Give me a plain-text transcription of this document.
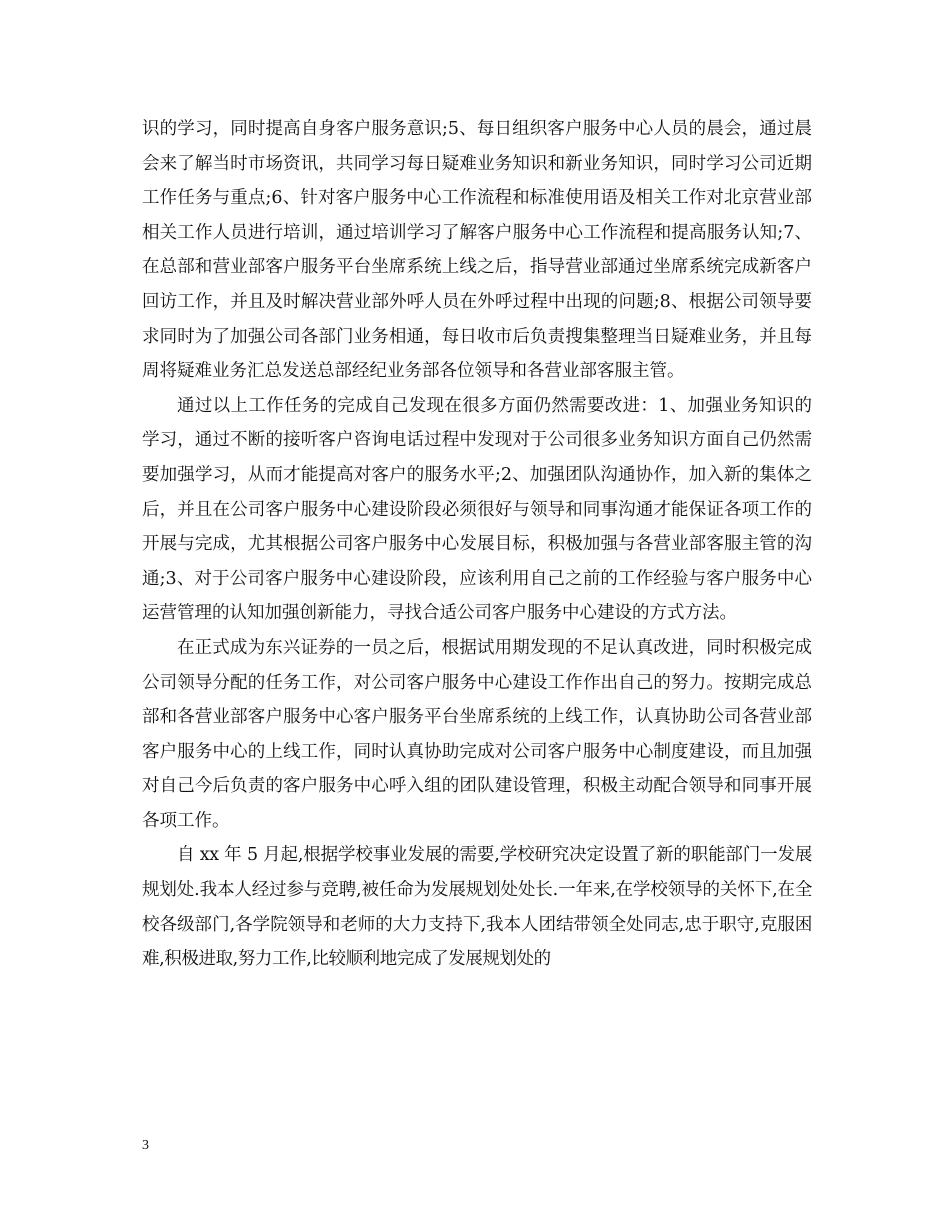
识的学习，同时提高自身客户服务意识;5、每日组织客户服务中心人员的晨会，通过晨会来了解当时市场资讯，共同学习每日疑难业务知识和新业务知识，同时学习公司近期工作任务与重点;6、针对客户服务中心工作流程和标准使用语及相关工作对北京营业部相关工作人员进行培训，通过培训学习了解客户服务中心工作流程和提高服务认知;7、在总部和营业部客户服务平台坐席系统上线之后，指导营业部通过坐席系统完成新客户回访工作，并且及时解决营业部外呼人员在外呼过程中出现的问题;8、根据公司领导要求同时为了加强公司各部门业务相通，每日收市后负责搜集整理当日疑难业务，并且每周将疑难业务汇总发送总部经纪业务部各位领导和各营业部客服主管。

通过以上工作任务的完成自己发现在很多方面仍然需要改进：1、加强业务知识的学习，通过不断的接听客户咨询电话过程中发现对于公司很多业务知识方面自己仍然需要加强学习，从而才能提高对客户的服务水平;2、加强团队沟通协作，加入新的集体之后，并且在公司客户服务中心建设阶段必须很好与领导和同事沟通才能保证各项工作的开展与完成，尤其根据公司客户服务中心发展目标，积极加强与各营业部客服主管的沟通;3、对于公司客户服务中心建设阶段，应该利用自己之前的工作经验与客户服务中心运营管理的认知加强创新能力，寻找合适公司客户服务中心建设的方式方法。

在正式成为东兴证券的一员之后，根据试用期发现的不足认真改进，同时积极完成公司领导分配的任务工作，对公司客户服务中心建设工作作出自己的努力。按期完成总部和各营业部客户服务中心客户服务平台坐席系统的上线工作，认真协助公司各营业部客户服务中心的上线工作，同时认真协助完成对公司客户服务中心制度建设，而且加强对自己今后负责的客户服务中心呼入组的团队建设管理，积极主动配合领导和同事开展各项工作。

自 xx 年 5 月起,根据学校事业发展的需要,学校研究决定设置了新的职能部门一发展规划处.我本人经过参与竞聘,被任命为发展规划处处长.一年来,在学校领导的关怀下,在全校各级部门,各学院领导和老师的大力支持下,我本人团结带领全处同志,忠于职守,克服困难,积极进取,努力工作,比较顺利地完成了发展规划处的

3
